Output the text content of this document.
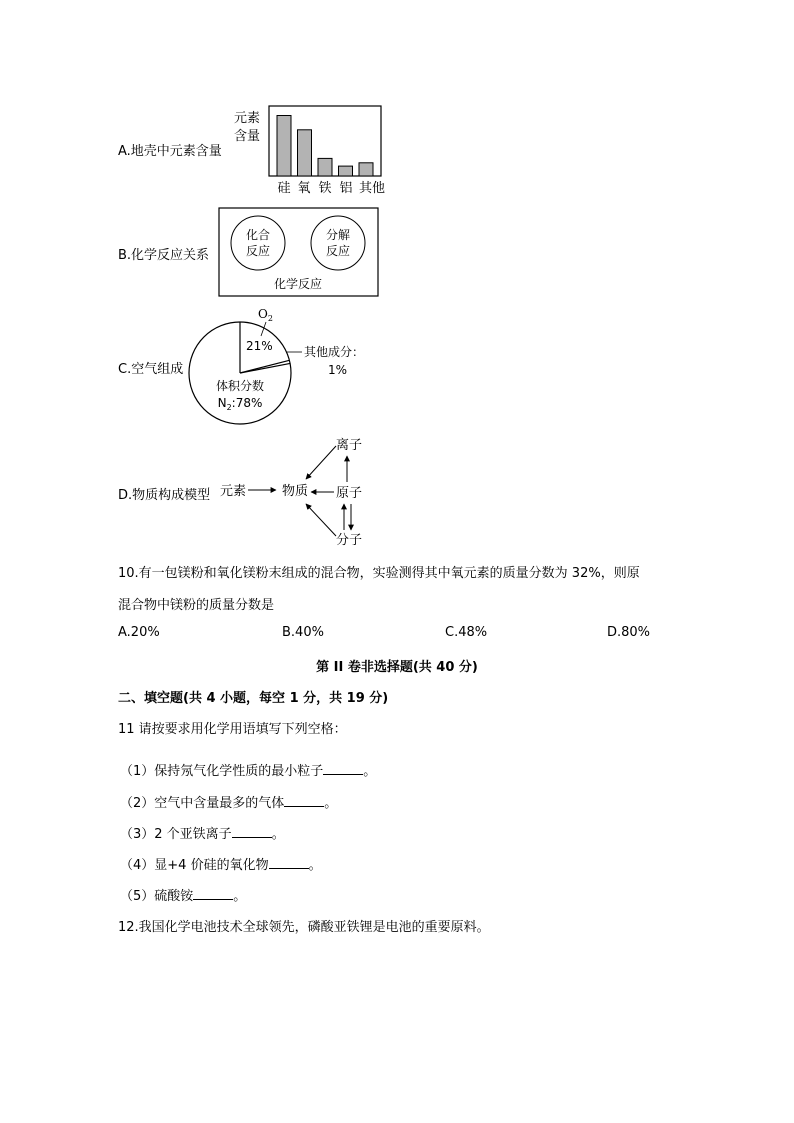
A.地壳中元素含量
元素
含量
硅 氧 铁 铝 其他
B.化学反应关系
化合
反应
分解
反应
化学反应
C.空气组成
$O_2$
21%	其他成分：
1%
体积分数
$N_2:78\%$
D.物质构成模型 元素	物质
离子
原子
分子
10.有一包镁粉和氧化镁粉末组成的混合物，实验测得其中氧元素的质量分数为 32%，则原
混合物中镁粉的质量分数是
A.20%	B.40%	C.48%	D.80%
第 II 卷非选择题(共 40 分)
二、填空题(共 4 小题，每空 1 分，共 19 分)
11 请按要求用化学用语填写下列空格：
（1）保持氖气化学性质的最小粒子	。
（2）空气中含量最多的气体	。
（3）2 个亚铁离子	。
（4）显+4 价硅的氧化物	。
（5）硫酸铵	。
12.我国化学电池技术全球领先，磷酸亚铁锂是电池的重要原料。
